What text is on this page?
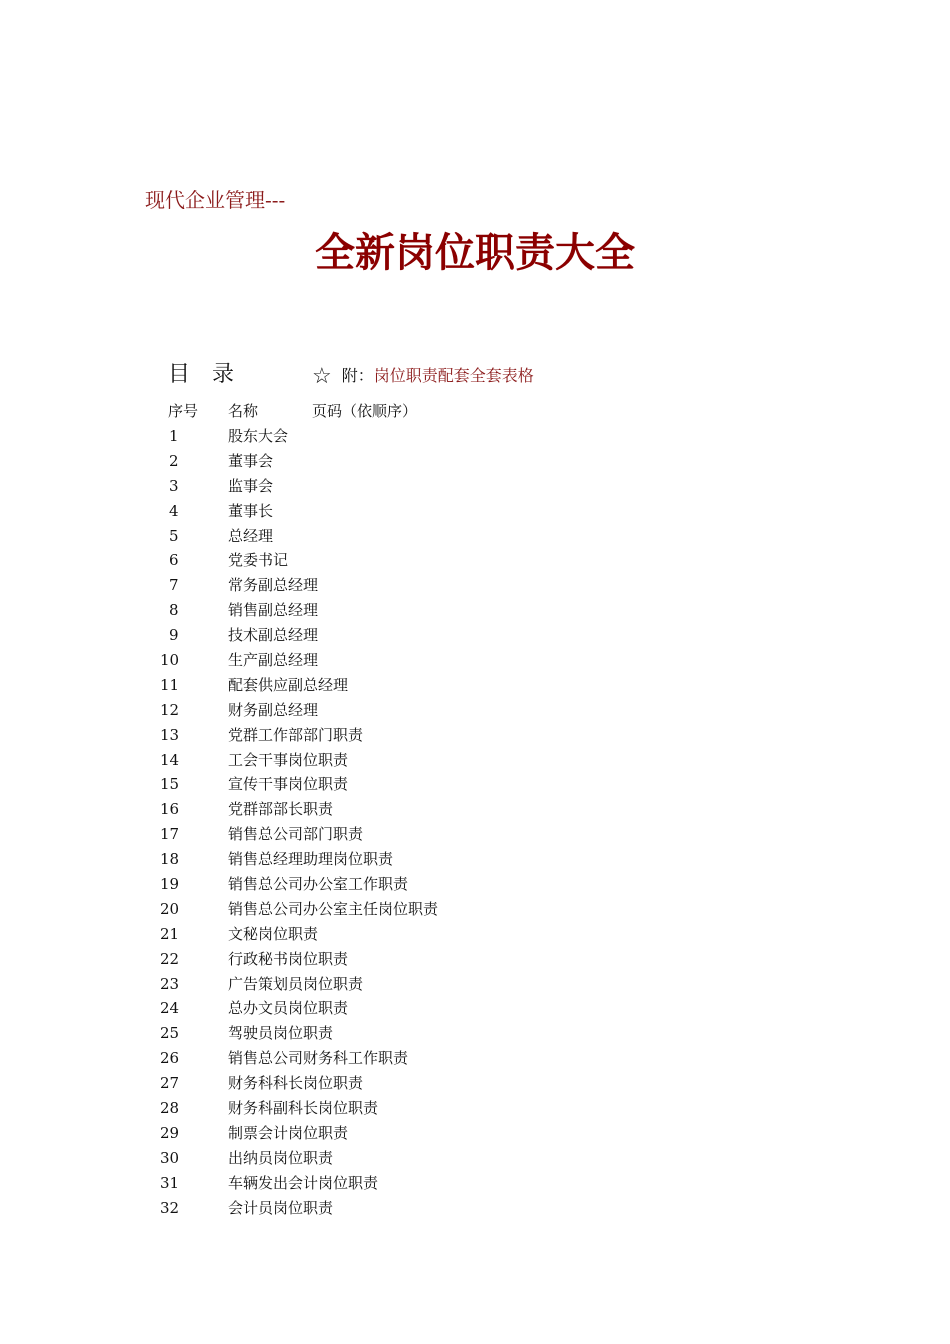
现代企业管理---
全新岗位职责大全
目录	☆ 附：岗位职责配套全套表格
序号 名称	页码（依顺序）
1	股东大会
2	董事会
3	监事会
4	董事长
5	总经理
6	党委书记
7	常务副总经理
8	销售副总经理
9	技术副总经理
10	生产副总经理
11	配套供应副总经理
12	财务副总经理
13	党群工作部部门职责
14	工会干事岗位职责
15	宣传干事岗位职责
16	党群部部长职责
17	销售总公司部门职责
18	销售总经理助理岗位职责
19	销售总公司办公室工作职责
20	销售总公司办公室主任岗位职责
21	文秘岗位职责
22	行政秘书岗位职责
23	广告策划员岗位职责
24	总办文员岗位职责
25	驾驶员岗位职责
26	销售总公司财务科工作职责
27	财务科科长岗位职责
28	财务科副科长岗位职责
29	制票会计岗位职责
30	出纳员岗位职责
31	车辆发出会计岗位职责
32	会计员岗位职责
